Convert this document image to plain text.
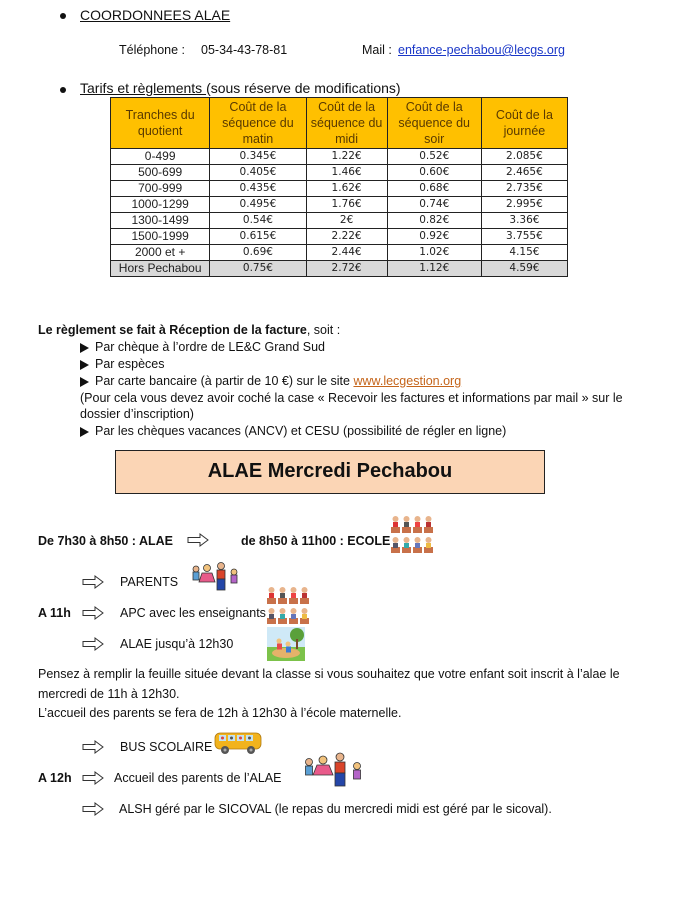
COORDONNEES ALAE
Téléphone : 05-34-43-78-81	Mail : enfance-pechabou@lecgs.org
Tarifs et règlements (sous réserve de modifications)
Tranches du quotient	Coût de la séquence du matin	Coût de la séquence du midi	Coût de la séquence du soir	Coût de la journée
0-499	0.345€	1.22€	0.52€	2.085€
500-699	0.405€	1.46€	0.60€	2.465€
700-999	0.435€	1.62€	0.68€	2.735€
1000-1299	0.495€	1.76€	0.74€	2.995€
1300-1499	0.54€	2€	0.82€	3.36€
1500-1999	0.615€	2.22€	0.92€	3.755€
2000 et +	0.69€	2.44€	1.02€	4.15€
Hors Pechabou	0.75€	2.72€	1.12€	4.59€
Le règlement se fait à Réception de la facture, soit :
Par chèque à l’ordre de LE&C Grand Sud
Par espèces
Par carte bancaire (à partir de 10 €) sur le site www.lecgestion.org
(Pour cela vous devez avoir coché la case « Recevoir les factures et informations par mail » sur le
dossier d’inscription)
Par les chèques vacances (ANCV) et CESU (possibilité de régler en ligne)
ALAE Mercredi Pechabou
De 7h30 à 8h50 : ALAE	de 8h50 à 11h00 : ECOLE
PARENTS
A 11h	APC avec les enseignants
ALAE jusqu’à 12h30
Pensez à remplir la feuille située devant la classe si vous souhaitez que votre enfant soit inscrit à l’alae le
mercredi de 11h à 12h30.
L’accueil des parents se fera de 12h à 12h30 à l’école maternelle.
BUS SCOLAIRE
A 12h	Accueil des parents de l’ALAE
ALSH géré par le SICOVAL (le repas du mercredi midi est géré par le sicoval).
